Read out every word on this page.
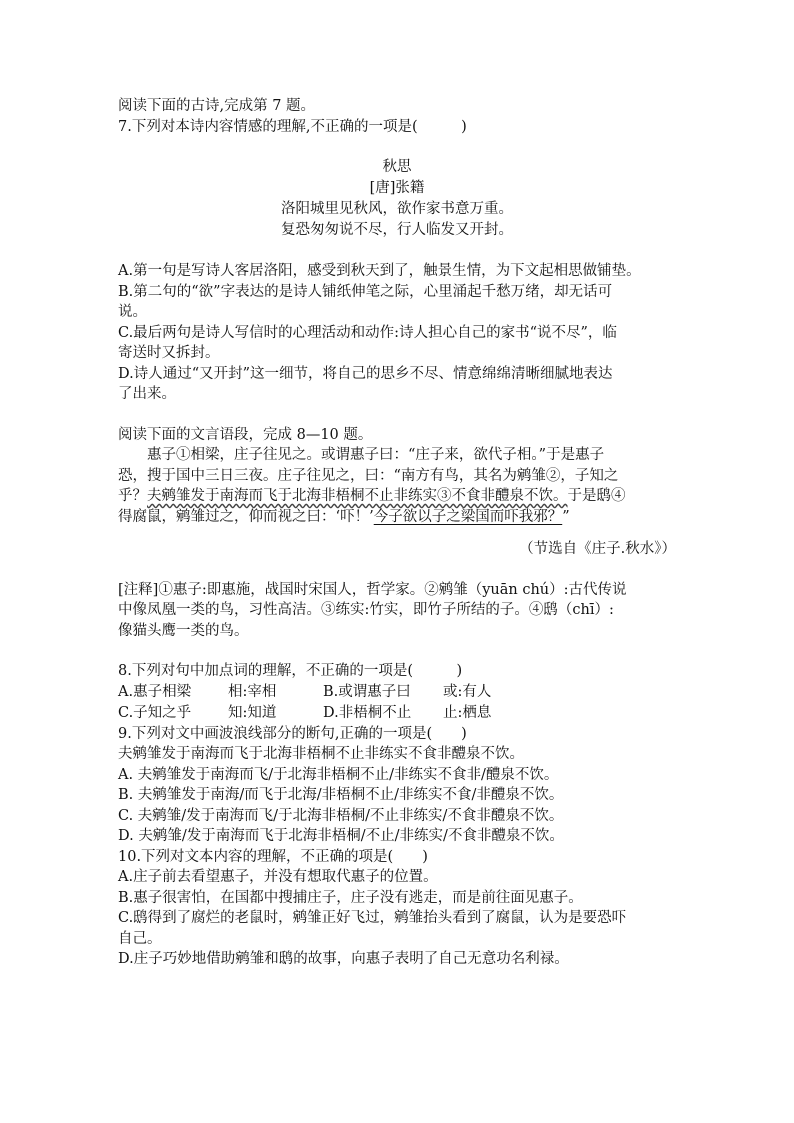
阅读下面的古诗,完成第 7 题。
7.下列对本诗内容情感的理解,不正确的一项是(　　　)
秋思
[唐]张籍
洛阳城里见秋风，欲作家书意万重。
复恐匆匆说不尽，行人临发又开封。
A.第一句是写诗人客居洛阳，感受到秋天到了，触景生情，为下文起相思做铺垫。
B.第二句的“欲”字表达的是诗人铺纸伸笔之际，心里涌起千愁万绪，却无话可
说。
C.最后两句是诗人写信时的心理活动和动作:诗人担心自己的家书“说不尽”，临
寄送时又拆封。
D.诗人通过“又开封”这一细节，将自己的思乡不尽、情意绵绵清晰细腻地表达
了出来。
阅读下面的文言语段，完成 8—10 题。
惠子①相梁，庄子往见之。或谓惠子曰：“庄子来，欲代子相。”于是惠子
恐，搜于国中三日三夜。庄子往见之，曰：“南方有鸟，其名为鹓雏②，子知之
乎？夫鹓雏发于南海而飞于北海非梧桐不止非练实③不食非醴泉不饮。于是鸱④
得腐鼠，鹓雏过之，仰而视之曰：‘吓！’今子欲以子之梁国而吓我邪？”
（节选自《庄子.秋水》）
[注释]①惠子:即惠施，战国时宋国人，哲学家。②鹓雏（yuān chú）:古代传说
中像凤凰一类的鸟，习性高洁。③练实:竹实，即竹子所结的子。④鸱（chī）:
像猫头鹰一类的鸟。
8.下列对句中加点词的理解，不正确的一项是(　　　)
A.惠子相梁	相:宰相	B.或谓惠子曰	或:有人
C.子知之乎	知:知道	D.非梧桐不止	止:栖息
9.下列对文中画波浪线部分的断句,正确的一项是(　　)
夫鹓雏发于南海而飞于北海非梧桐不止非练实不食非醴泉不饮。
A. 夫鹓雏发于南海而飞/于北海非梧桐不止/非练实不食非/醴泉不饮。
B. 夫鹓雏发于南海/而飞于北海/非梧桐不止/非练实不食/非醴泉不饮。
C. 夫鹓雏/发于南海而飞/于北海非梧桐/不止非练实/不食非醴泉不饮。
D. 夫鹓雏/发于南海而飞于北海非梧桐/不止/非练实/不食非醴泉不饮。
10.下列对文本内容的理解，不正确的项是(　　)
A.庄子前去看望惠子，并没有想取代惠子的位置。
B.惠子很害怕，在国都中搜捕庄子，庄子没有逃走，而是前往面见惠子。
C.鸱得到了腐烂的老鼠时，鹓雏正好飞过，鹓雏抬头看到了腐鼠，认为是要恐吓
自己。
D.庄子巧妙地借助鹓雏和鸱的故事，向惠子表明了自己无意功名利禄。
